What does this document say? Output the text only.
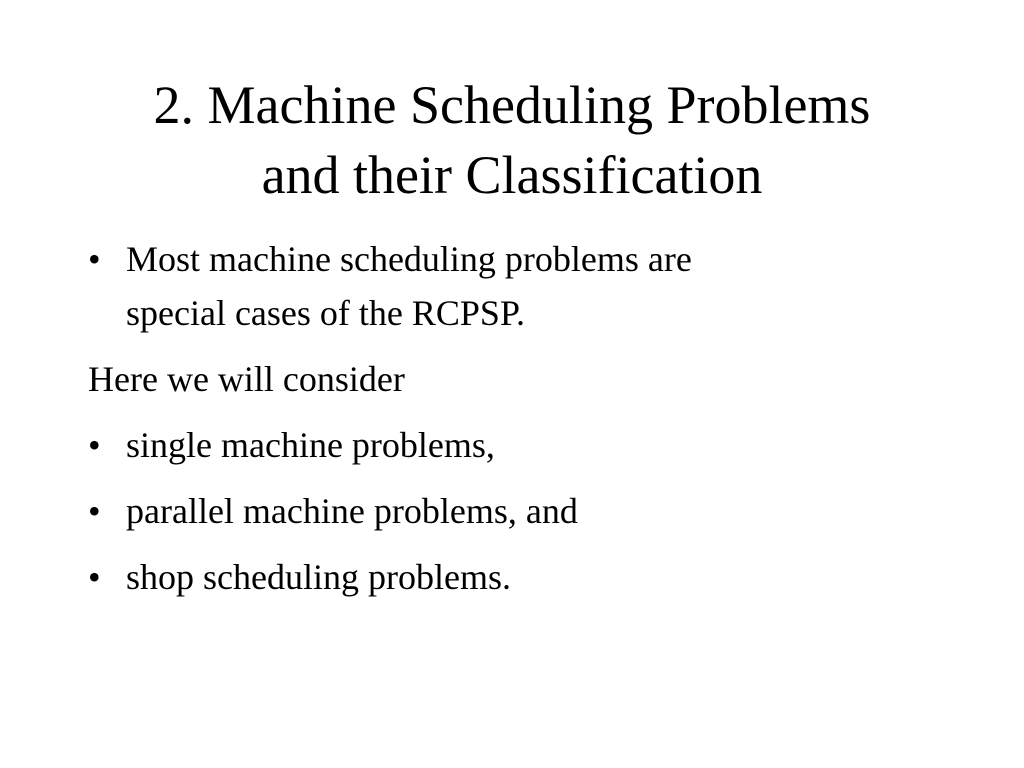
2. Machine Scheduling Problems
and their Classification
• Most machine scheduling problems are
special cases of the RCPSP.
Here we will consider
• single machine problems,
• parallel machine problems, and
• shop scheduling problems.
